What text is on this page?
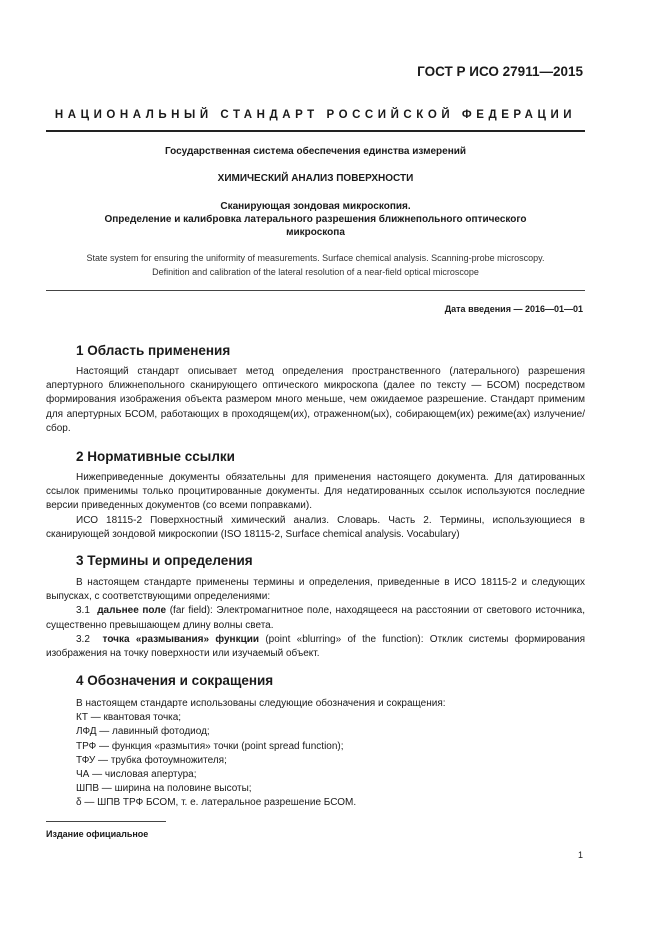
ГОСТ Р ИСО 27911—2015
НАЦИОНАЛЬНЫЙ СТАНДАРТ РОССИЙСКОЙ ФЕДЕРАЦИИ
Государственная система обеспечения единства измерений
ХИМИЧЕСКИЙ АНАЛИЗ ПОВЕРХНОСТИ
Сканирующая зондовая микроскопия.
Определение и калибровка латерального разрешения ближнепольного оптического
микроскопа
State system for ensuring the uniformity of measurements. Surface chemical analysis. Scanning-probe microscopy.
Definition and calibration of the lateral resolution of a near-field optical microscope
Дата введения — 2016—01—01
1 Область применения

Настоящий стандарт описывает метод определения пространственного (латерального) разрешения апертурного ближнепольного сканирующего оптического микроскопа (далее по тексту — БСОМ) посредством формирования изображения объекта размером много меньше, чем ожидаемое разрешение. Стандарт применим для апертурных БСОМ, работающих в проходящем(их), отраженном(ых), собирающем(их) режиме(ах) излучение/сбор.

2 Нормативные ссылки

Нижеприведенные документы обязательны для применения настоящего документа. Для датированных ссылок применимы только процитированные документы. Для недатированных ссылок используются последние версии приведенных документов (со всеми поправками).

ИСО 18115-2 Поверхностный химический анализ. Словарь. Часть 2. Термины, использующиеся в сканирующей зондовой микроскопии (ISO 18115-2, Surface chemical analysis. Vocabulary)

3 Термины и определения

В настоящем стандарте применены термины и определения, приведенные в ИСО 18115-2 и следующих выпусках, с соответствующими определениями:

3.1 дальнее поле (far field): Электромагнитное поле, находящееся на расстоянии от светового источника, существенно превышающем длину волны света.

3.2 точка «размывания» функции (point «blurring» of the function): Отклик системы формирования изображения на точку поверхности или изучаемый объект.

4 Обозначения и сокращения
В настоящем стандарте использованы следующие обозначения и сокращения:
КТ — квантовая точка;
ЛФД — лавинный фотодиод;
ТРФ — функция «размытия» точки (point spread function);
ТФУ — трубка фотоумножителя;
ЧА — числовая апертура;
ШПВ — ширина на половине высоты;
δ — ШПВ ТРФ БСОМ, т. е. латеральное разрешение БСОМ.
Издание официальное
1
